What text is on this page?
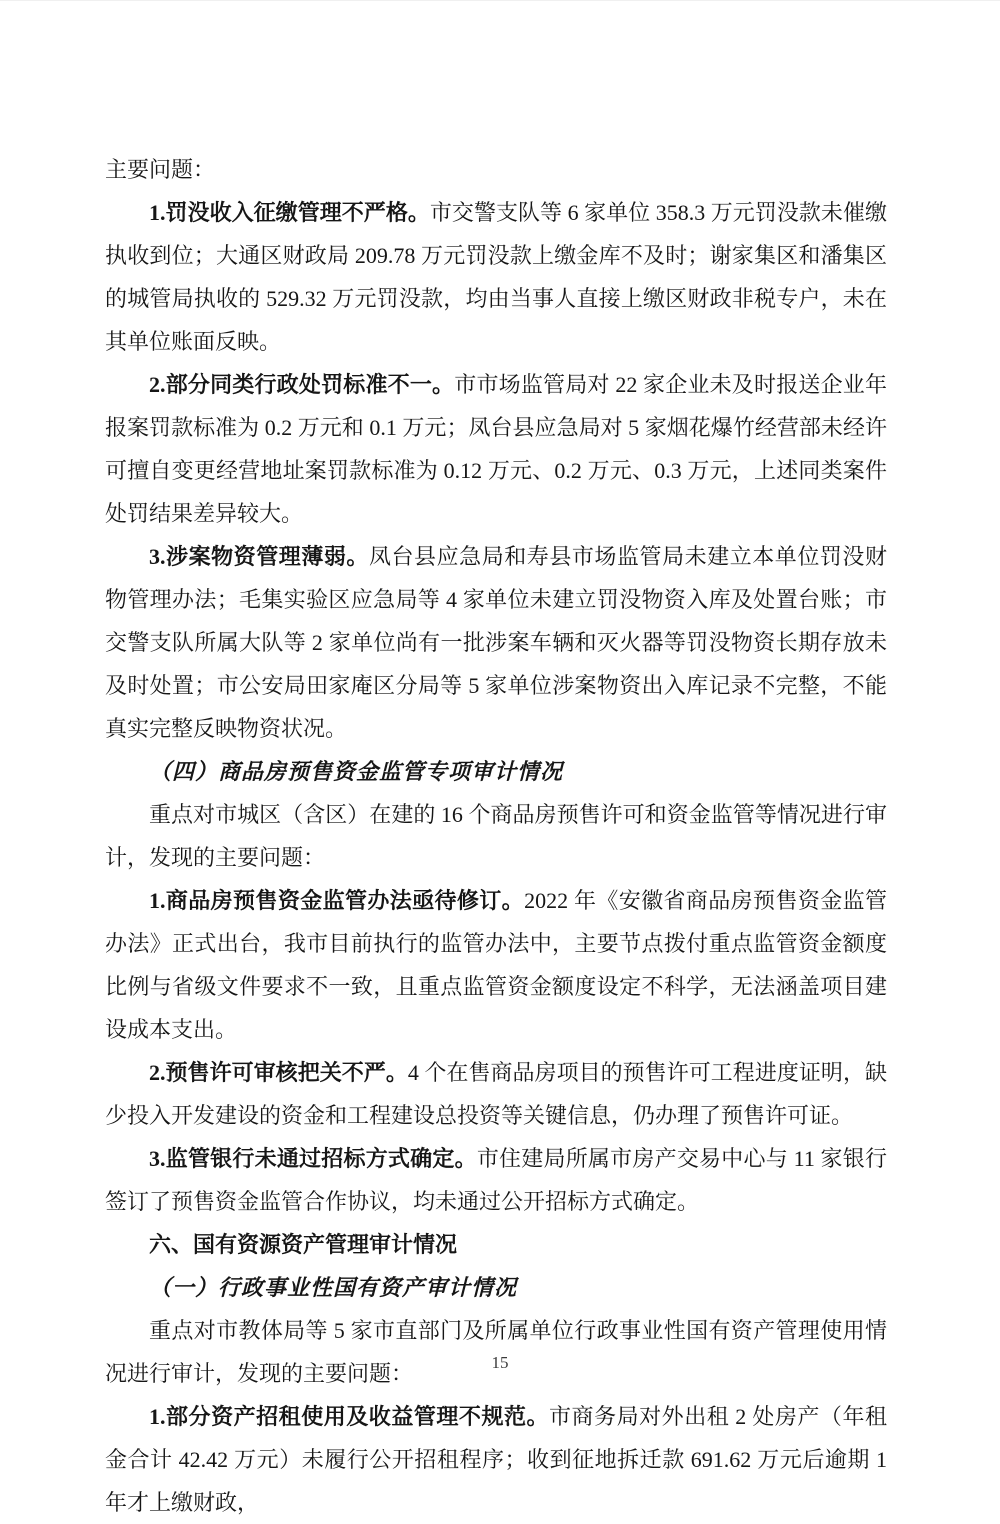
主要问题：

1.罚没收入征缴管理不严格。市交警支队等 6 家单位 358.3 万元罚没款未催缴执收到位；大通区财政局 209.78 万元罚没款上缴金库不及时；谢家集区和潘集区的城管局执收的 529.32 万元罚没款，均由当事人直接上缴区财政非税专户，未在其单位账面反映。

2.部分同类行政处罚标准不一。市市场监管局对 22 家企业未及时报送企业年报案罚款标准为 0.2 万元和 0.1 万元；凤台县应急局对 5 家烟花爆竹经营部未经许可擅自变更经营地址案罚款标准为 0.12 万元、0.2 万元、0.3 万元，上述同类案件处罚结果差异较大。

3.涉案物资管理薄弱。凤台县应急局和寿县市场监管局未建立本单位罚没财物管理办法；毛集实验区应急局等 4 家单位未建立罚没物资入库及处置台账；市交警支队所属大队等 2 家单位尚有一批涉案车辆和灭火器等罚没物资长期存放未及时处置；市公安局田家庵区分局等 5 家单位涉案物资出入库记录不完整，不能真实完整反映物资状况。

（四）商品房预售资金监管专项审计情况

重点对市城区（含区）在建的 16 个商品房预售许可和资金监管等情况进行审计，发现的主要问题：

1.商品房预售资金监管办法亟待修订。2022 年《安徽省商品房预售资金监管办法》正式出台，我市目前执行的监管办法中，主要节点拨付重点监管资金额度比例与省级文件要求不一致，且重点监管资金额度设定不科学，无法涵盖项目建设成本支出。

2.预售许可审核把关不严。4 个在售商品房项目的预售许可工程进度证明，缺少投入开发建设的资金和工程建设总投资等关键信息，仍办理了预售许可证。

3.监管银行未通过招标方式确定。市住建局所属市房产交易中心与 11 家银行签订了预售资金监管合作协议，均未通过公开招标方式确定。

六、国有资源资产管理审计情况

（一）行政事业性国有资产审计情况

重点对市教体局等 5 家市直部门及所属单位行政事业性国有资产管理使用情况进行审计，发现的主要问题：

1.部分资产招租使用及收益管理不规范。市商务局对外出租 2 处房产（年租金合计 42.42 万元）未履行公开招租程序；收到征地拆迁款 691.62 万元后逾期 1 年才上缴财政，

15
